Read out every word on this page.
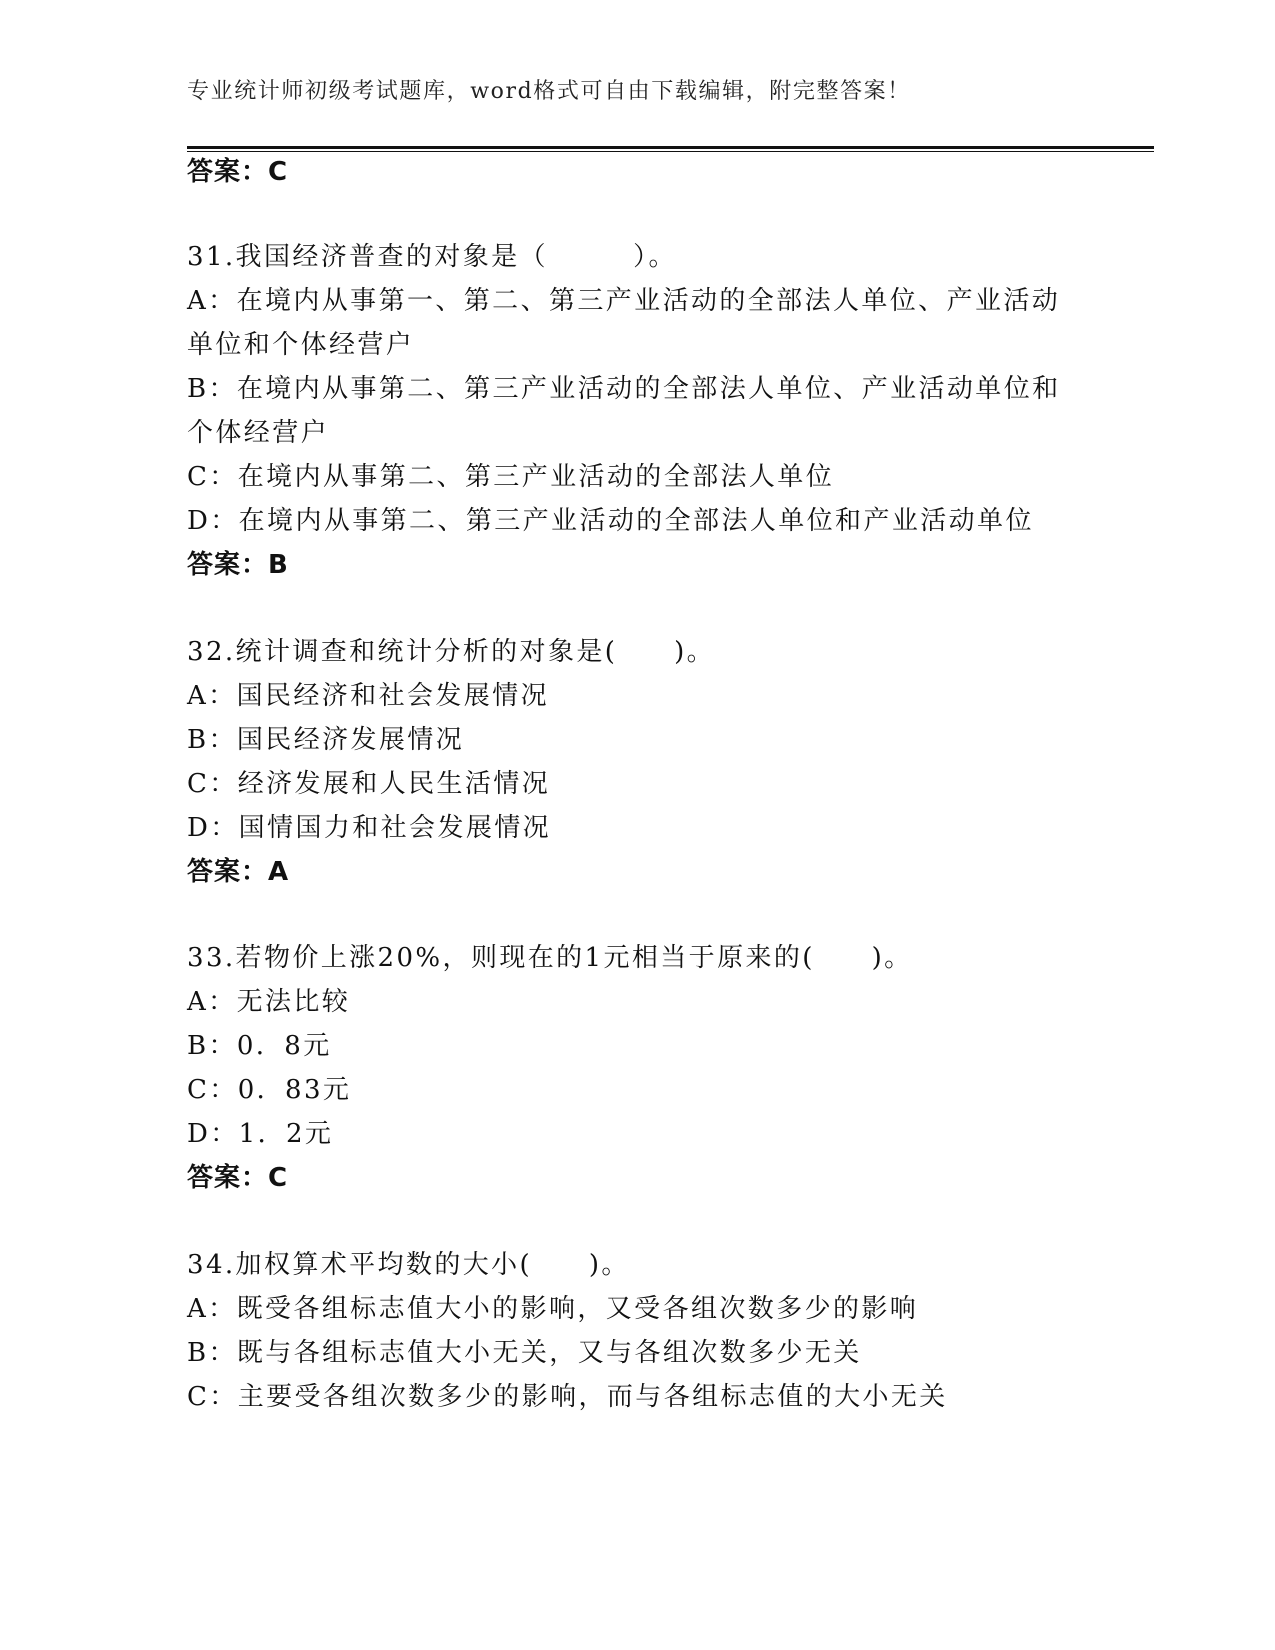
专业统计师初级考试题库，word格式可自由下载编辑，附完整答案！
答案：C
31.我国经济普查的对象是（　　　）。
A：在境内从事第一、第二、第三产业活动的全部法人单位、产业活动
单位和个体经营户
B：在境内从事第二、第三产业活动的全部法人单位、产业活动单位和
个体经营户
C：在境内从事第二、第三产业活动的全部法人单位
D：在境内从事第二、第三产业活动的全部法人单位和产业活动单位
答案：B
32.统计调查和统计分析的对象是(　　)。
A：国民经济和社会发展情况
B：国民经济发展情况
C：经济发展和人民生活情况
D：国情国力和社会发展情况
答案：A
33.若物价上涨20%，则现在的1元相当于原来的(　　)。
A：无法比较
B：0．8元
C：0．83元
D：1．2元
答案：C
34.加权算术平均数的大小(　　)。
A：既受各组标志值大小的影响，又受各组次数多少的影响
B：既与各组标志值大小无关，又与各组次数多少无关
C：主要受各组次数多少的影响，而与各组标志值的大小无关
